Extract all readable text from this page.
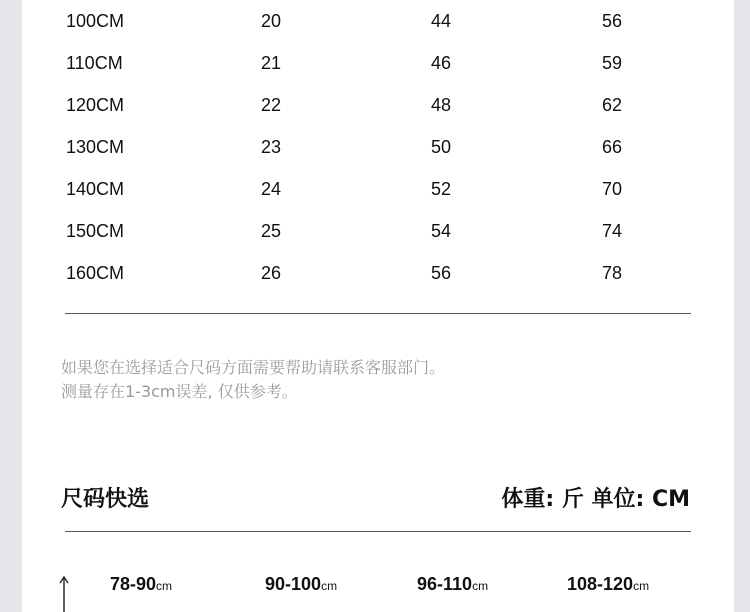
100CM	20	44	56
110CM	21	46	59
120CM	22	48	62
130CM	23	50	66
140CM	24	52	70
150CM	25	54	74
160CM	26	56	78
如果您在选择适合尺码方面需要帮助请联系客服部门。
测量存在1-3cm误差, 仅供参考。
尺码快选	体重: 斤 单位: CM
78-90cm	90-100cm	96-110cm	108-120cm
